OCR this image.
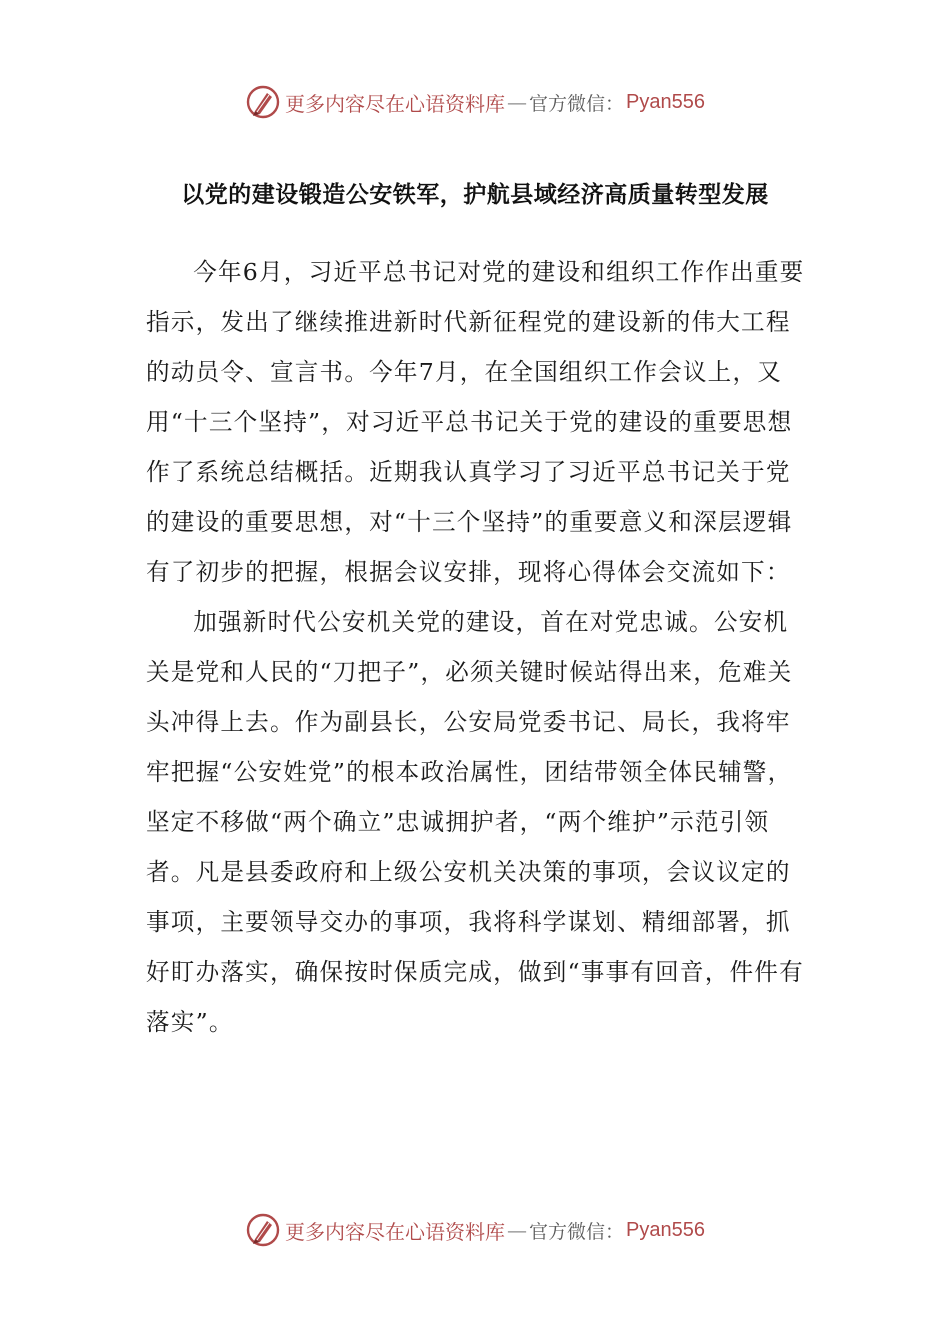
更多内容尽在心语资料库 — 官方微信： Pyan556
以党的建设锻造公安铁军，护航县域经济高质量转型发展

今年6月，习近平总书记对党的建设和组织工作作出重要指示，发出了继续推进新时代新征程党的建设新的伟大工程的动员令、宣言书。今年7月，在全国组织工作会议上，又用“十三个坚持”，对习近平总书记关于党的建设的重要思想作了系统总结概括。近期我认真学习了习近平总书记关于党的建设的重要思想，对“十三个坚持”的重要意义和深层逻辑有了初步的把握，根据会议安排，现将心得体会交流如下：

加强新时代公安机关党的建设，首在对党忠诚。公安机关是党和人民的“刀把子”，必须关键时候站得出来，危难关头冲得上去。作为副县长，公安局党委书记、局长，我将牢牢把握“公安姓党”的根本政治属性，团结带领全体民辅警，坚定不移做“两个确立”忠诚拥护者，“两个维护”示范引领者。凡是县委政府和上级公安机关决策的事项，会议议定的事项，主要领导交办的事项，我将科学谋划、精细部署，抓好盯办落实，确保按时保质完成，做到“事事有回音，件件有落实”。

更多内容尽在心语资料库 — 官方微信： Pyan556
